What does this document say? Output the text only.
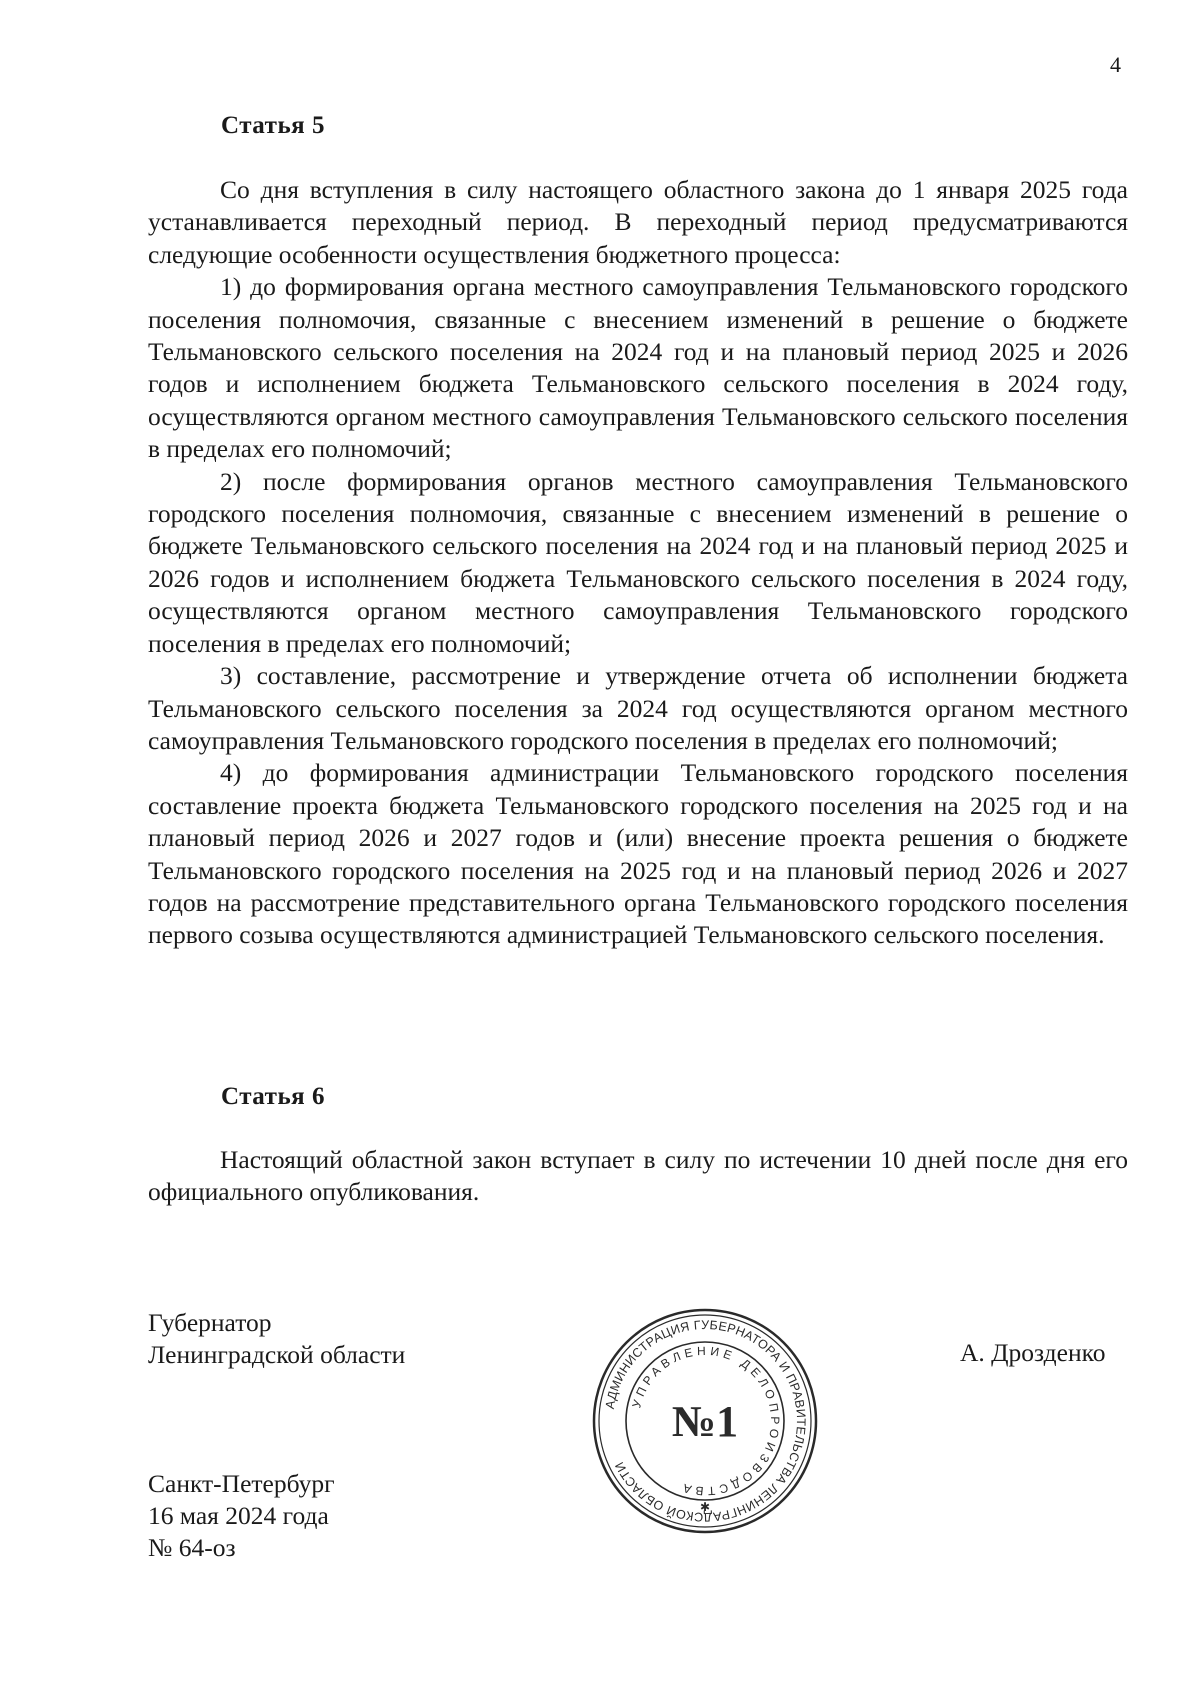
4
Статья 5

Со дня вступления в силу настоящего областного закона до 1 января 2025 года устанавливается переходный период. В переходный период предусматриваются следующие особенности осуществления бюджетного процесса:

1) до формирования органа местного самоуправления Тельмановского городского поселения полномочия, связанные с внесением изменений в решение о бюджете Тельмановского сельского поселения на 2024 год и на плановый период 2025 и 2026 годов и исполнением бюджета Тельмановского сельского поселения в 2024 году, осуществляются органом местного самоуправления Тельмановского сельского поселения в пределах его полномочий;

2) после формирования органов местного самоуправления Тельмановского городского поселения полномочия, связанные с внесением изменений в решение о бюджете Тельмановского сельского поселения на 2024 год и на плановый период 2025 и 2026 годов и исполнением бюджета Тельмановского сельского поселения в 2024 году, осуществляются органом местного самоуправления Тельмановского городского поселения в пределах его полномочий;

3) составление, рассмотрение и утверждение отчета об исполнении бюджета Тельмановского сельского поселения за 2024 год осуществляются органом местного самоуправления Тельмановского городского поселения в пределах его полномочий;

4) до формирования администрации Тельмановского городского поселения составление проекта бюджета Тельмановского городского поселения на 2025 год и на плановый период 2026 и 2027 годов и (или) внесение проекта решения о бюджете Тельмановского городского поселения на 2025 год и на плановый период 2026 и 2027 годов на рассмотрение представительного органа Тельмановского городского поселения первого созыва осуществляются администрацией Тельмановского сельского поселения.

Статья 6

Настоящий областной закон вступает в силу по истечении 10 дней после дня его официального опубликования.

Губернатор
Ленинградской области	А. Дрозденко
Санкт-Петербург
16 мая 2024 года
№ 64-оз
АДМИНИСТРАЦИЯ ГУБЕРНАТОРА И ПРАВИТЕЛЬСТВА ЛЕНИНГРАДСКОЙ ОБЛАСТИ
УПРАВЛЕНИЕ ДЕЛОПРОИЗВОДСТВА
№1
✱
